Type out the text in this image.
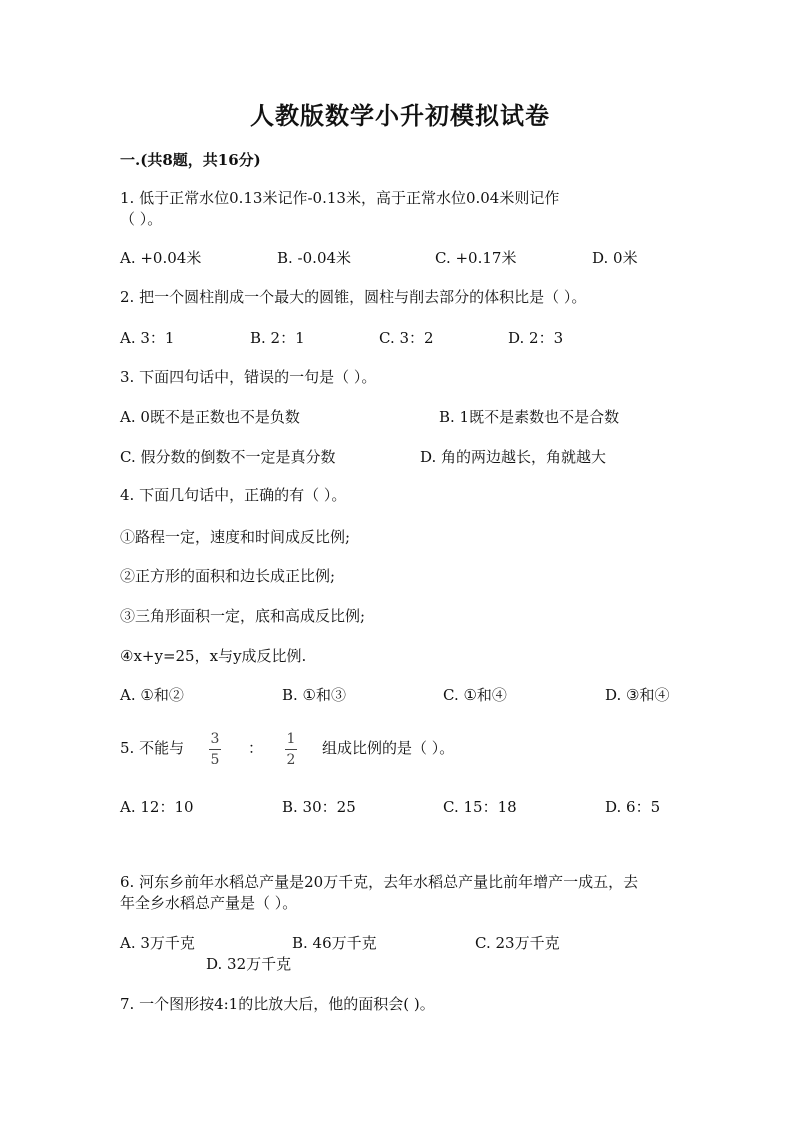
人教版数学小升初模拟试卷
一.(共8题，共16分)
1. 低于正常水位0.13米记作-0.13米，高于正常水位0.04米则记作
（ ）。
A. +0.04米	B. -0.04米	C. +0.17米	D. 0米
2. 把一个圆柱削成一个最大的圆锥，圆柱与削去部分的体积比是（ ）。
A. 3：1	B. 2：1	C. 3：2	D. 2：3
3. 下面四句话中，错误的一句是（ ）。
A. 0既不是正数也不是负数	B. 1既不是素数也不是合数
C. 假分数的倒数不一定是真分数	D. 角的两边越长，角就越大
4. 下面几句话中，正确的有（ ）。
①路程一定，速度和时间成反比例;
②正方形的面积和边长成正比例;
③三角形面积一定，底和高成反比例;
④x+y=25，x与y成反比例.
A. ①和②	B. ①和③	C. ①和④	D. ③和④
5. 不能与 3
5
： 1
2
组成比例的是（ ）。
A. 12：10	B. 30：25	C. 15：18	D. 6：5
6. 河东乡前年水稻总产量是20万千克，去年水稻总产量比前年增产一成五，去
年全乡水稻总产量是（ ）。
A. 3万千克	B. 46万千克	C. 23万千克
D. 32万千克
7. 一个图形按4:1的比放大后，他的面积会( )。
